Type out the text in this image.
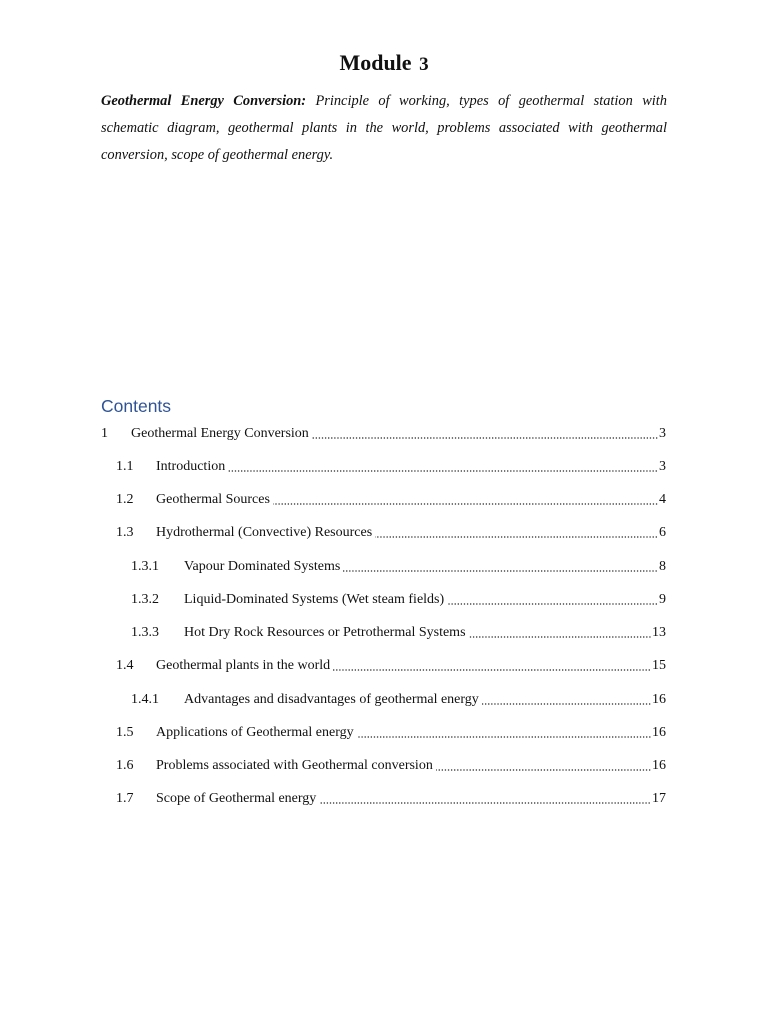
Module 3
Geothermal Energy Conversion: Principle of working, types of geothermal station with schematic diagram, geothermal plants in the world, problems associated with geothermal conversion, scope of geothermal energy.
Contents
1	Geothermal Energy Conversion	3
1.1	Introduction	3
1.2	Geothermal Sources	4
1.3	Hydrothermal (Convective) Resources	6
1.3.1	Vapour Dominated Systems	8
1.3.2	Liquid-Dominated Systems (Wet steam fields)	9
1.3.3	Hot Dry Rock Resources or Petrothermal Systems	13
1.4	Geothermal plants in the world	15
1.4.1	Advantages and disadvantages of geothermal energy	16
1.5	Applications of Geothermal energy	16
1.6	Problems associated with Geothermal conversion	16
1.7	Scope of Geothermal energy	17
